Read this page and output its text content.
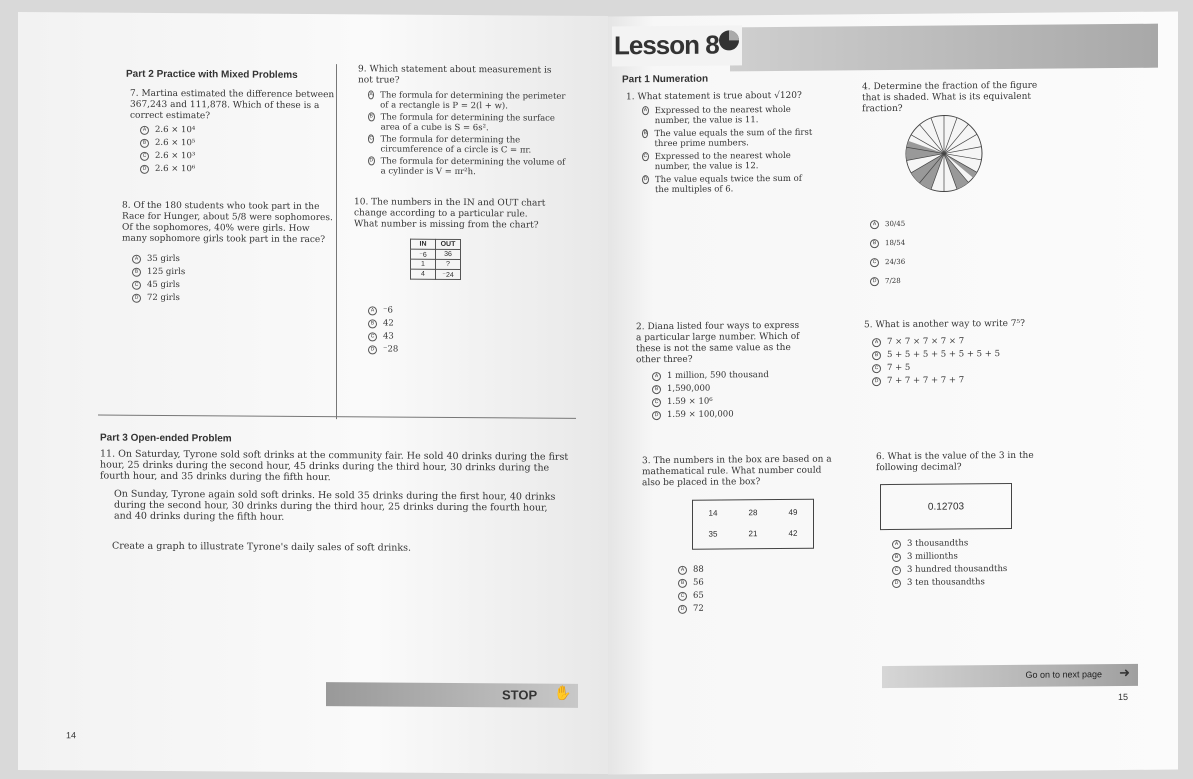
Part 2 Practice with Mixed Problems
7. Martina estimated the difference between 367,243 and 111,878. Which of these is a correct estimate?
A	2.6 × 10⁴
B	2.6 × 10⁵
C	2.6 × 10³
D	2.6 × 10⁶
8. Of the 180 students who took part in the Race for Hunger, about 5/8 were sophomores. Of the sophomores, 40% were girls. How many sophomore girls took part in the race?
A	35 girls
B	125 girls
C	45 girls
D	72 girls
9. Which statement about measurement is not true?
A The formula for determining the perimeter of a rectangle is P = 2(l + w).
B The formula for determining the surface area of a cube is S = 6s².
C The formula for determining the circumference of a circle is C = πr.
D The formula for determining the volume of a cylinder is V = πr²h.
10. The numbers in the IN and OUT chart change according to a particular rule. What number is missing from the chart?
IN	OUT
⁻6	36
1	?
4	⁻24
A	⁻6
B	42
C	43
D	⁻28
Part 3 Open-ended Problem
11. On Saturday, Tyrone sold soft drinks at the community fair. He sold 40 drinks during the first hour, 25 drinks during the second hour, 45 drinks during the third hour, 30 drinks during the fourth hour, and 35 drinks during the fifth hour.
On Sunday, Tyrone again sold soft drinks. He sold 35 drinks during the first hour, 40 drinks during the second hour, 30 drinks during the third hour, 25 drinks during the fourth hour, and 40 drinks during the fifth hour.
Create a graph to illustrate Tyrone's daily sales of soft drinks.
STOP ✋
14
Lesson 8
Part 1 Numeration
1. What statement is true about √120?
A Expressed to the nearest whole number, the value is 11.
B The value equals the sum of the first three prime numbers.
C Expressed to the nearest whole number, the value is 12.
D The value equals twice the sum of the multiples of 6.
4. Determine the fraction of the figure that is shaded. What is its equivalent fraction?
A	30/45
B	18/54
C	24/36
D	7/28
2. Diana listed four ways to express a particular large number. Which of these is not the same value as the other three?
A	1 million, 590 thousand
B	1,590,000
C	1.59 × 10⁶
D	1.59 × 100,000
5. What is another way to write 7⁵?
A	7 × 7 × 7 × 7 × 7
B	5 + 5 + 5 + 5 + 5 + 5 + 5
C	7 + 5
D	7 + 7 + 7 + 7 + 7
3. The numbers in the box are based on a mathematical rule. What number could also be placed in the box?
14	28	49
35	21	42
A	88
B	56
C	65
D	72
6. What is the value of the 3 in the following decimal?
0.12703
A	3 thousandths
B	3 millionths
C	3 hundred thousandths
D	3 ten thousandths
Go on to next page ➜
15
